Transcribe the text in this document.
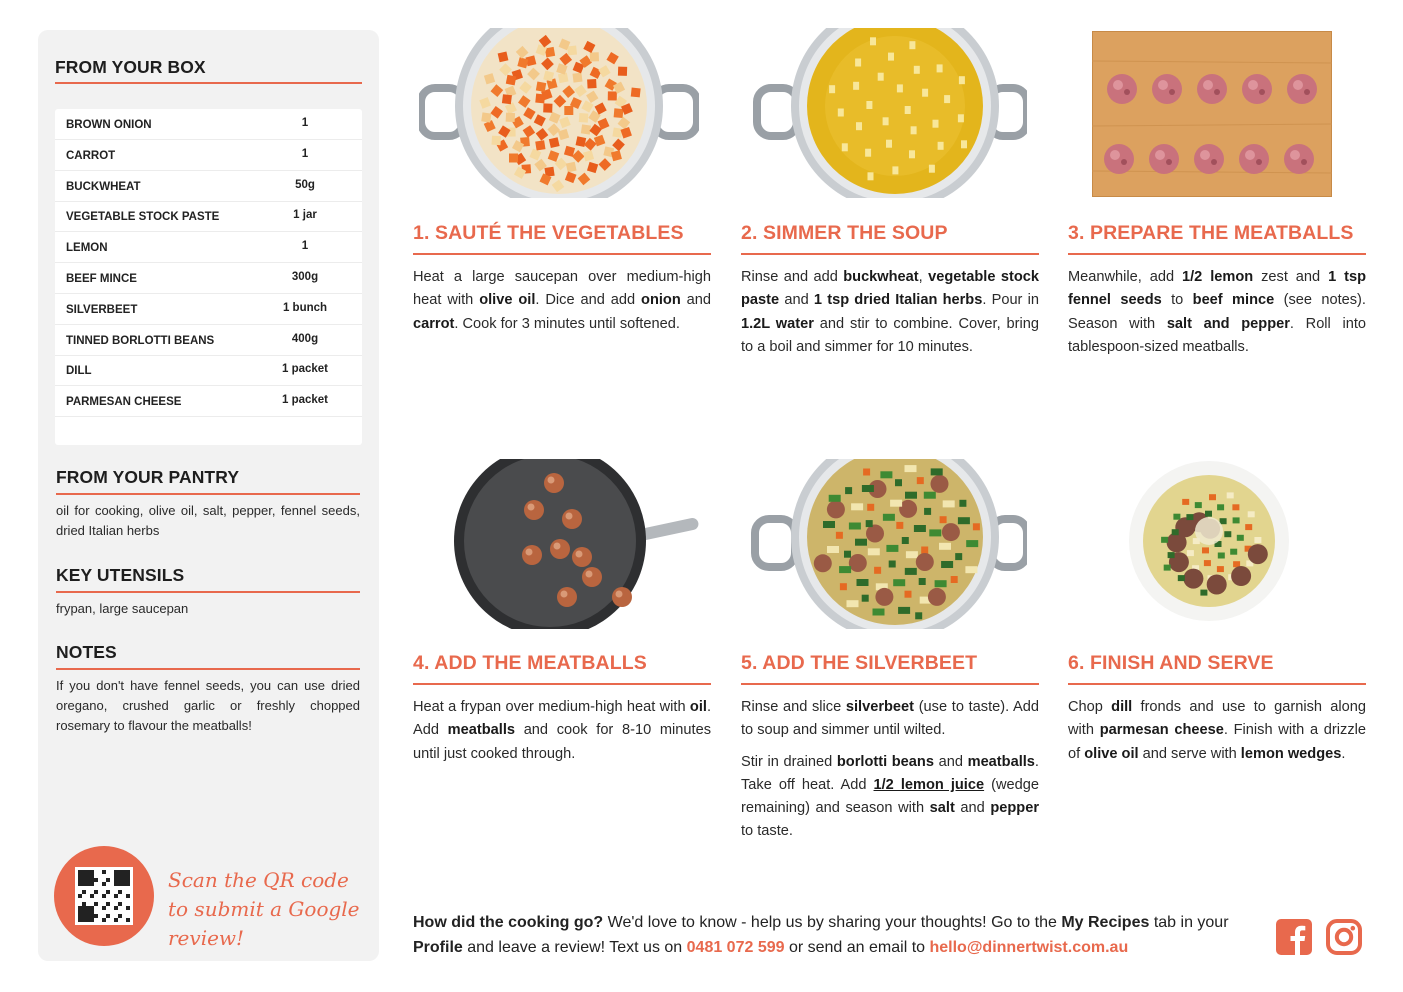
FROM YOUR BOX
BROWN ONION	1
CARROT	1
BUCKWHEAT	50g
VEGETABLE STOCK PASTE	1 jar
LEMON	1
BEEF MINCE	300g
SILVERBEET	1 bunch
TINNED BORLOTTI BEANS	400g
DILL	1 packet
PARMESAN CHEESE	1 packet
FROM YOUR PANTRY
oil for cooking, olive oil, salt, pepper, fennel seeds, dried Italian herbs
KEY UTENSILS
frypan, large saucepan
NOTES
If you don't have fennel seeds, you can use dried oregano, crushed garlic or freshly chopped rosemary to flavour the meatballs!
Scan the QR code to submit a Google review!
1. SAUTÉ THE VEGETABLES

Heat a large saucepan over medium-high heat with olive oil. Dice and add onion and carrot. Cook for 3 minutes until softened.

2. SIMMER THE SOUP

Rinse and add buckwheat, vegetable stock paste and 1 tsp dried Italian herbs. Pour in 1.2L water and stir to combine. Cover, bring to a boil and simmer for 10 minutes.

3. PREPARE THE MEATBALLS

Meanwhile, add 1/2 lemon zest and 1 tsp fennel seeds to beef mince (see notes). Season with salt and pepper. Roll into tablespoon-sized meatballs.

4. ADD THE MEATBALLS

Heat a frypan over medium-high heat with oil. Add meatballs and cook for 8-10 minutes until just cooked through.

5. ADD THE SILVERBEET

Rinse and slice silverbeet (use to taste). Add to soup and simmer until wilted.

Stir in drained borlotti beans and meatballs. Take off heat. Add 1/2 lemon juice (wedge remaining) and season with salt and pepper to taste.

6. FINISH AND SERVE

Chop dill fronds and use to garnish along with parmesan cheese. Finish with a drizzle of olive oil and serve with lemon wedges.

How did the cooking go? We'd love to know - help us by sharing your thoughts! Go to the My Recipes tab in your Profile and leave a review! Text us on 0481 072 599 or send an email to hello@dinnertwist.com.au
